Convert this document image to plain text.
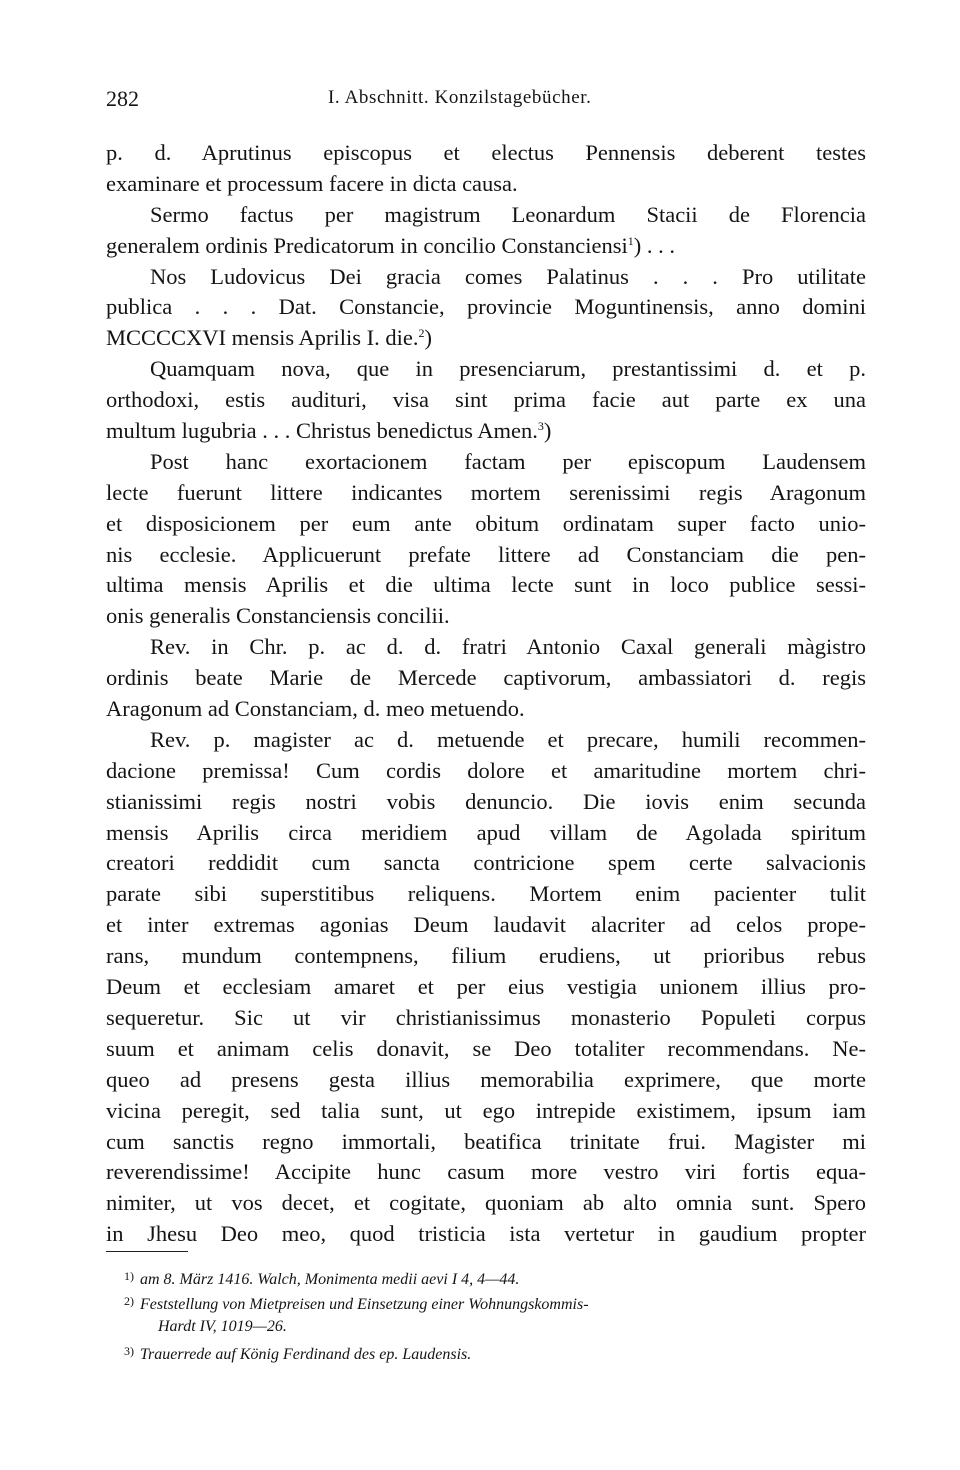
282	I. Abschnitt. Konzilstagebücher.
p. d. Aprutinus episcopus et electus Pennensis deberent testes
examinare et processum facere in dicta causa.
Sermo factus per magistrum Leonardum Stacii de Florencia
generalem ordinis Predicatorum in concilio Constanciensi$^1$) . . .
Nos Ludovicus Dei gracia comes Palatinus . . . Pro utilitate
publica . . . Dat. Constancie, provincie Moguntinensis, anno domini
MCCCCXVI mensis Aprilis I. die.$^2$)
Quamquam nova, que in presenciarum, prestantissimi d. et p.
orthodoxi, estis audituri, visa sint prima facie aut parte ex una
multum lugubria . . . Christus benedictus Amen.$^3$)
Post hanc exortacionem factam per episcopum Laudensem
lecte fuerunt littere indicantes mortem serenissimi regis Aragonum
et disposicionem per eum ante obitum ordinatam super facto unio-
nis ecclesie. Applicuerunt prefate littere ad Constanciam die pen-
ultima mensis Aprilis et die ultima lecte sunt in loco publice sessi-
onis generalis Constanciensis concilii.
Rev. in Chr. p. ac d. d. fratri Antonio Caxal generali màgistro
ordinis beate Marie de Mercede captivorum, ambassiatori d. regis
Aragonum ad Constanciam, d. meo metuendo.
Rev. p. magister ac d. metuende et precare, humili recommen-
dacione premissa! Cum cordis dolore et amaritudine mortem chri-
stianissimi regis nostri vobis denuncio. Die iovis enim secunda
mensis Aprilis circa meridiem apud villam de Agolada spiritum
creatori reddidit cum sancta contricione spem certe salvacionis
parate sibi superstitibus reliquens. Mortem enim pacienter tulit
et inter extremas agonias Deum laudavit alacriter ad celos prope-
rans, mundum contempnens, filium erudiens, ut prioribus rebus
Deum et ecclesiam amaret et per eius vestigia unionem illius pro-
sequeretur. Sic ut vir christianissimus monasterio Populeti corpus
suum et animam celis donavit, se Deo totaliter recommendans. Ne-
queo ad presens gesta illius memorabilia exprimere, que morte
vicina peregit, sed talia sunt, ut ego intrepide existimem, ipsum iam
cum sanctis regno immortali, beatifica trinitate frui. Magister mi
reverendissime! Accipite hunc casum more vestro viri fortis equa-
nimiter, ut vos decet, et cogitate, quoniam ab alto omnia sunt. Spero
in Jhesu Deo meo, quod tristicia ista vertetur in gaudium propter
$^{1)}$ am 8. März 1416. Walch, Monimenta medii aevi I 4, 4—44.
$^{2)}$ Feststellung von Mietpreisen und Einsetzung einer Wohnungskommis-
Hardt IV, 1019—26.
$^{3)}$ Trauerrede auf König Ferdinand des ep. Laudensis.
